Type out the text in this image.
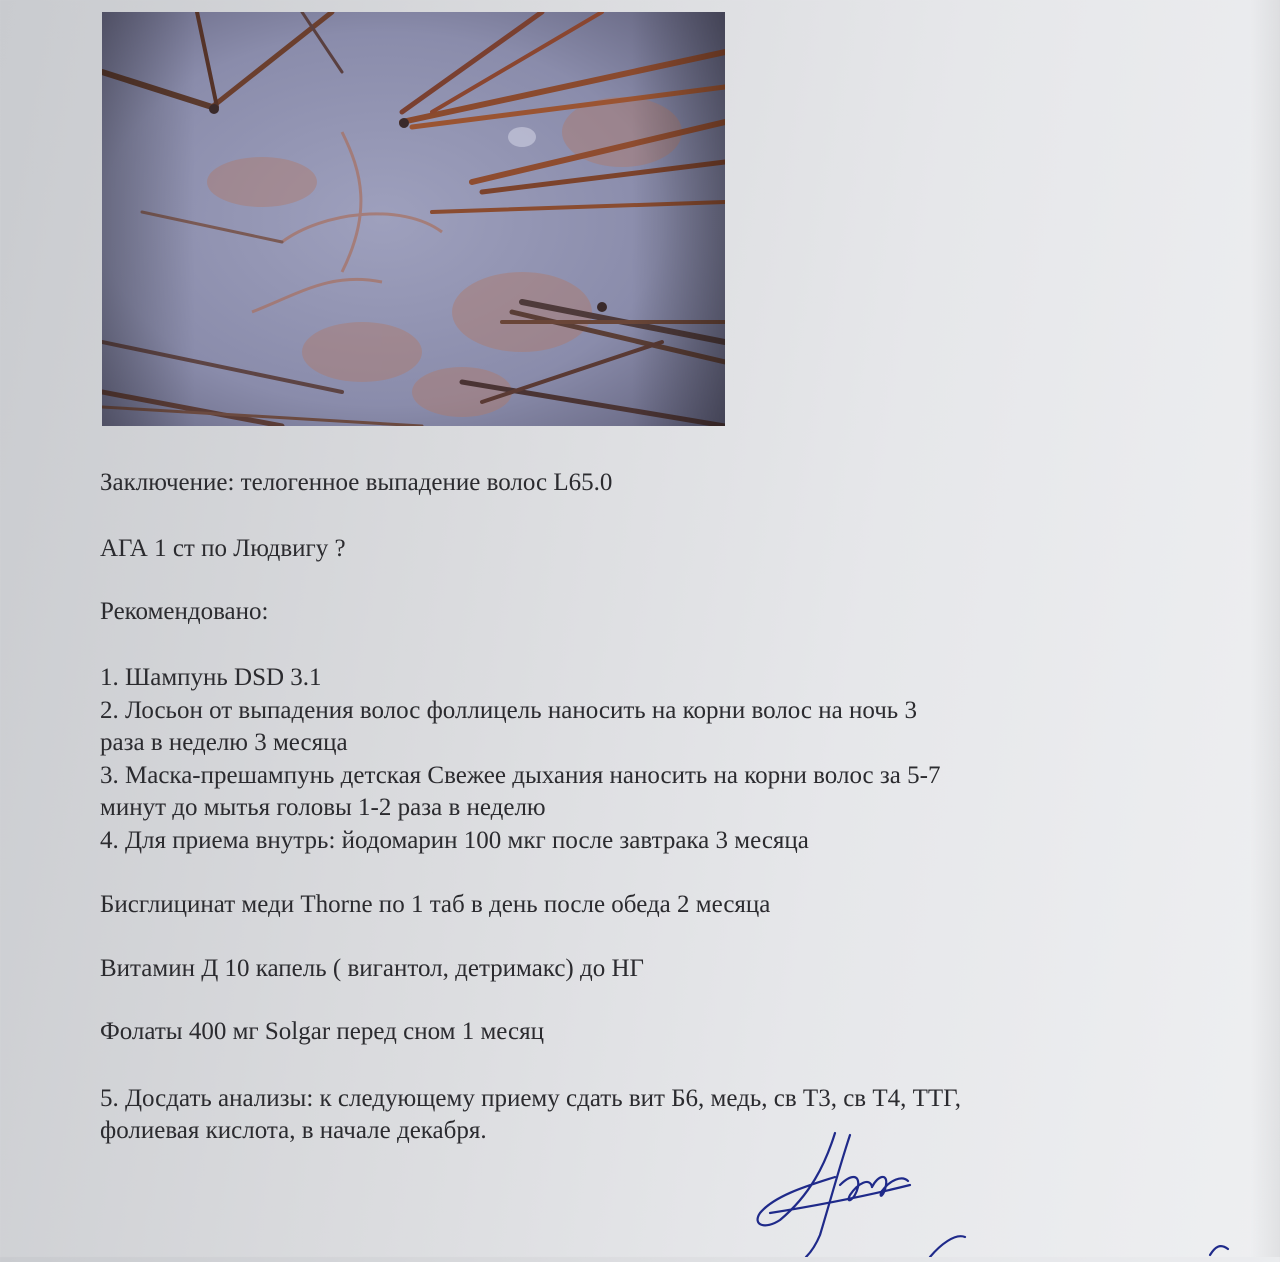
Заключение: телогенное выпадение волос L65.0
АГА 1 ст по Людвигу ?
Рекомендовано:
1. Шампунь DSD 3.1
2. Лосьон от выпадения волос фоллицель наносить на корни волос на ночь 3
раза в неделю 3 месяца
3. Маска-прешампунь детская Свежее дыхания наносить на корни волос за 5-7
минут до мытья головы 1-2 раза в неделю
4. Для приема внутрь: йодомарин 100 мкг после завтрака 3 месяца
Бисглицинат меди Thorne по 1 таб в день после обеда 2 месяца
Витамин Д 10 капель ( вигантол, детримакс) до НГ
Фолаты 400 мг Solgar перед сном 1 месяц
5. Досдать анализы: к следующему приему сдать вит Б6, медь, св Т3, св Т4, ТТГ,
фолиевая кислота, в начале декабря.
